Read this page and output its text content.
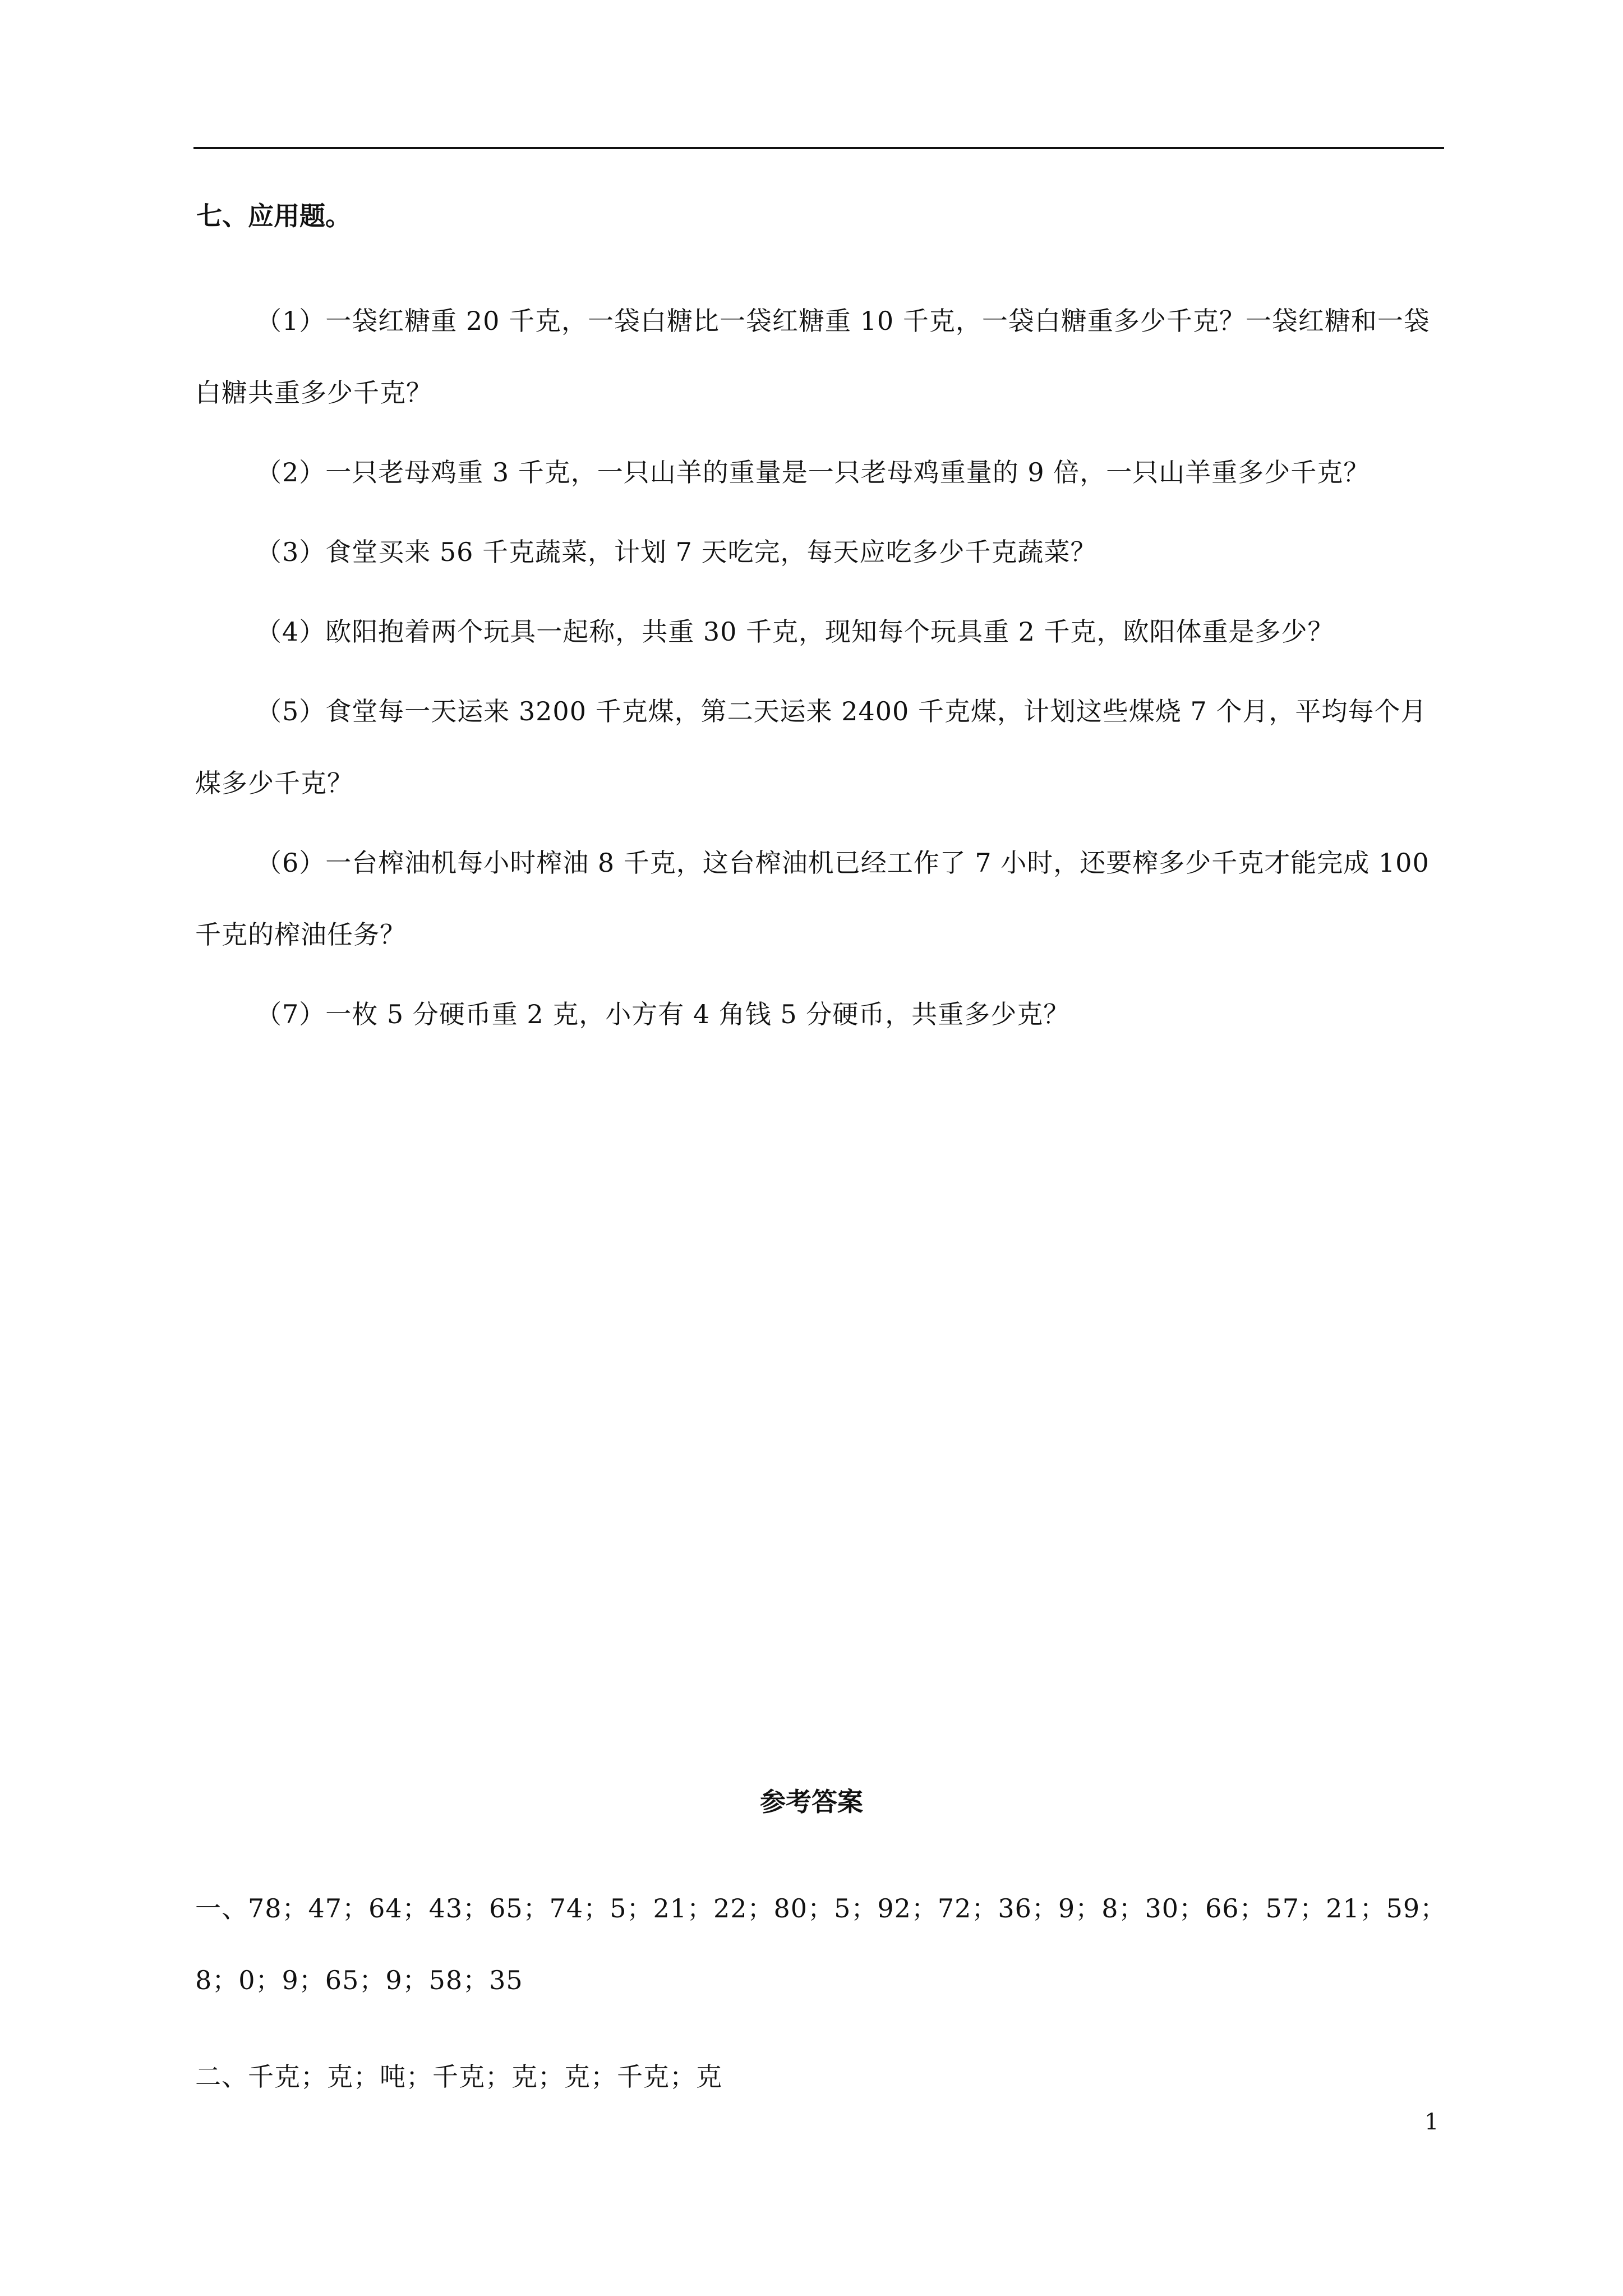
七、应用题。
（1）一袋红糖重 20 千克，一袋白糖比一袋红糖重 10 千克，一袋白糖重多少千克？一袋红糖和一袋白糖共重多少千克？
（2）一只老母鸡重 3 千克，一只山羊的重量是一只老母鸡重量的 9 倍，一只山羊重多少千克？
（3）食堂买来 56 千克蔬菜，计划 7 天吃完，每天应吃多少千克蔬菜？
（4）欧阳抱着两个玩具一起称，共重 30 千克，现知每个玩具重 2 千克，欧阳体重是多少？
（5）食堂每一天运来 3200 千克煤，第二天运来 2400 千克煤，计划这些煤烧 7 个月，平均每个月煤多少千克？
（6）一台榨油机每小时榨油 8 千克，这台榨油机已经工作了 7 小时，还要榨多少千克才能完成 100 千克的榨油任务？
（7）一枚 5 分硬币重 2 克，小方有 4 角钱 5 分硬币，共重多少克？
参考答案
一、78；47；64；43；65；74；5；21；22；80；5；92；72；36；9；8；30；66；57；21；59；8；0；9；65；9；58；35
二、千克；克；吨；千克；克；克；千克；克
1
